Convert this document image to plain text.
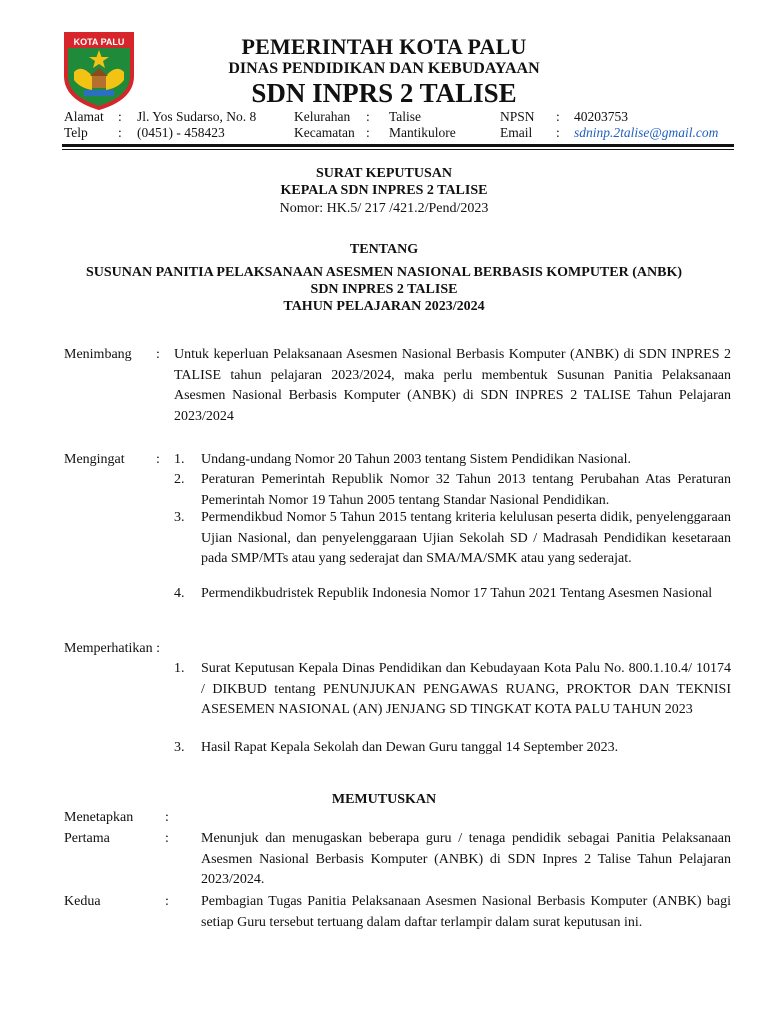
KOTA PALU	PEMERINTAH KOTA PALU
DINAS PENDIDIKAN DAN KEBUDAYAAN
SDN INPRS 2 TALISE
Alamat : Jl. Yos Sudarso, No. 8	Kelurahan : Talise	NPSN : 40203753
Telp : (0451) - 458423	Kecamatan : Mantikulore	Email : sdninp.2talise@gmail.com
SURAT KEPUTUSAN
KEPALA SDN INPRES 2 TALISE
Nomor: HK.5/ 217 /421.2/Pend/2023
TENTANG
SUSUNAN PANITIA PELAKSANAAN ASESMEN NASIONAL BERBASIS KOMPUTER (ANBK)
SDN INPRES 2 TALISE
TAHUN PELAJARAN 2023/2024
Menimbang : Untuk keperluan Pelaksanaan Asesmen Nasional Berbasis Komputer (ANBK) di SDN INPRES 2 TALISE tahun pelajaran 2023/2024, maka perlu membentuk Susunan Panitia Pelaksanaan Asesmen Nasional Berbasis Komputer (ANBK) di SDN INPRES 2 TALISE Tahun Pelajaran 2023/2024
Mengingat : 1. Undang-undang Nomor 20 Tahun 2003 tentang Sistem Pendidikan Nasional.
2. Peraturan Pemerintah Republik Nomor 32 Tahun 2013 tentang Perubahan Atas Peraturan Pemerintah Nomor 19 Tahun 2005 tentang Standar Nasional Pendidikan.
3. Permendikbud Nomor 5 Tahun 2015 tentang kriteria kelulusan peserta didik, penyelenggaraan Ujian Nasional, dan penyelenggaraan Ujian Sekolah SD / Madrasah Pendidikan kesetaraan pada SMP/MTs atau yang sederajat dan SMA/MA/SMK atau yang sederajat.
4. Permendikbudristek Republik Indonesia Nomor 17 Tahun 2021 Tentang Asesmen Nasional
Memperhatikan :
1. Surat Keputusan Kepala Dinas Pendidikan dan Kebudayaan Kota Palu No. 800.1.10.4/ 10174 / DIKBUD tentang PENUNJUKAN PENGAWAS RUANG, PROKTOR DAN TEKNISI ASESEMEN NASIONAL (AN) JENJANG SD TINGKAT KOTA PALU TAHUN 2023
3. Hasil Rapat Kepala Sekolah dan Dewan Guru tanggal 14 September 2023.
MEMUTUSKAN
Menetapkan :
Pertama	: Menunjuk dan menugaskan beberapa guru / tenaga pendidik sebagai Panitia Pelaksanaan Asesmen Nasional Berbasis Komputer (ANBK) di SDN Inpres 2 Talise Tahun Pelajaran 2023/2024.
Kedua	: Pembagian Tugas Panitia Pelaksanaan Asesmen Nasional Berbasis Komputer (ANBK) bagi setiap Guru tersebut tertuang dalam daftar terlampir dalam surat keputusan ini.
